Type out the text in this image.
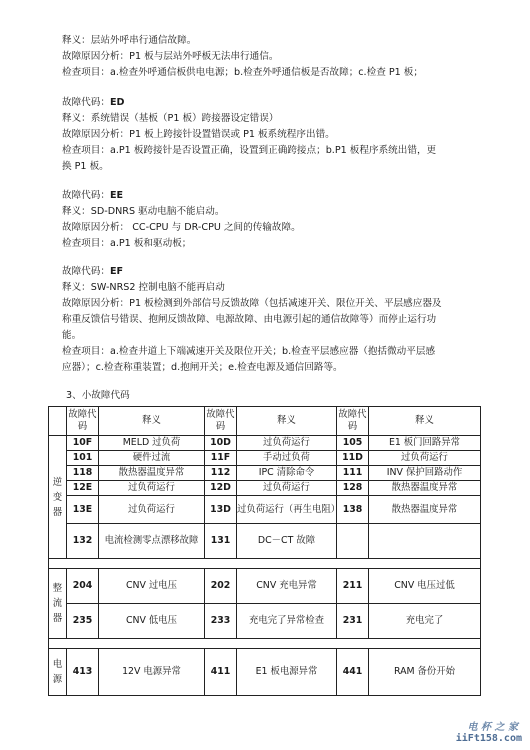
释义：层站外呼串行通信故障。
故障原因分析：P1 板与层站外呼板无法串行通信。
检查项目：a.检查外呼通信板供电电源；b.检查外呼通信板是否故障；c.检查 P1 板；
故障代码：ED
释义：系统错误（基板（P1 板）跨接器设定错误）
故障原因分析：P1 板上跨接针设置错误或 P1 板系统程序出错。
检查项目：a.P1 板跨接针是否设置正确，设置到正确跨接点；b.P1 板程序系统出错，更
换 P1 板。
故障代码：EE
释义：SD-DNRS 驱动电脑不能启动。
故障原因分析： CC-CPU 与 DR-CPU 之间的传输故障。
检查项目：a.P1 板和驱动板；
故障代码：EF
释义：SW-NRS2 控制电脑不能再启动
故障原因分析：P1 板检测到外部信号反馈故障（包括减速开关、限位开关、平层感应器及
称重反馈信号错误、抱闸反馈故障、电源故障、由电源引起的通信故障等）而停止运行功
能。
检查项目：a.检查井道上下端减速开关及限位开关；b.检查平层感应器（抱括微动平层感
应器）；c.检查称重装置；d.抱闸开关；e.检查电源及通信回路等。
3、小故障代码
	故障代码	释义	故障代码	释义	故障代码	释义
逆变器	10F	MELD 过负荷	10D	过负荷运行	105	E1 板门回路异常
	101	硬件过流	11F	手动过负荷	11D	过负荷运行
	118	散热器温度异常	112	IPC 清除命令	111	INV 保护回路动作
	12E	过负荷运行	12D	过负荷运行	128	散热器温度异常
	13E	过负荷运行	13D	过负荷运行（再生电阻）	138	散热器温度异常
	132	电流检测零点漂移故障	131	DC－CT 故障		

整流器	204	CNV 过电压	202	CNV 充电异常	211	CNV 电压过低
	235	CNV 低电压	233	充电完了异常检查	231	充电完了

电源	413	12V 电源异常	411	E1 板电源异常	441	RAM 备份开始
电 杯 之 家
iiFt158.com
